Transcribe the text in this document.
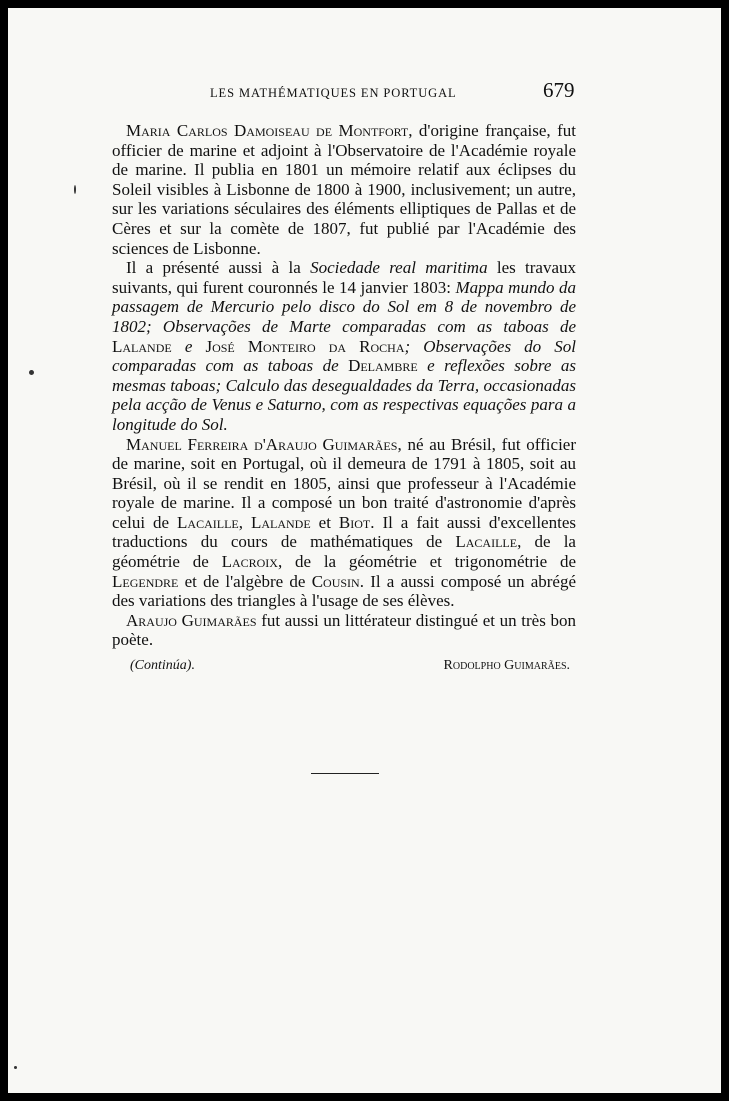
LES MATHÉMATIQUES EN PORTUGAL	679

Maria Carlos Damoiseau de Montfort, d'origine française, fut officier de marine et adjoint à l'Observatoire de l'Académie royale de marine. Il publia en 1801 un mémoire relatif aux éclipses du Soleil visibles à Lisbonne de 1800 à 1900, inclusivement; un autre, sur les variations séculaires des éléments elliptiques de Pallas et de Cères et sur la comète de 1807, fut publié par l'Académie des sciences de Lisbonne.

Il a présenté aussi à la Sociedade real maritima les travaux suivants, qui furent couronnés le 14 janvier 1803: Mappa mundo da passagem de Mercurio pelo disco do Sol em 8 de novembro de 1802; Observações de Marte comparadas com as taboas de Lalande e José Monteiro da Rocha; Observações do Sol comparadas com as taboas de Delambre e reflexões sobre as mesmas taboas; Calculo das desegualdades da Terra, occasionadas pela acção de Venus e Saturno, com as respectivas equações para a longitude do Sol.

Manuel Ferreira d'Araujo Guimarães, né au Brésil, fut officier de marine, soit en Portugal, où il demeura de 1791 à 1805, soit au Brésil, où il se rendit en 1805, ainsi que professeur à l'Académie royale de marine. Il a composé un bon traité d'astronomie d'après celui de Lacaille, Lalande et Biot. Il a fait aussi d'excellentes traductions du cours de mathématiques de Lacaille, de la géométrie de Lacroix, de la géométrie et trigonométrie de Legendre et de l'algèbre de Cousin. Il a aussi composé un abrégé des variations des triangles à l'usage de ses élèves.

Araujo Guimarães fut aussi un littérateur distingué et un très bon poète.

(Continúa).	Rodolpho Guimarães.
